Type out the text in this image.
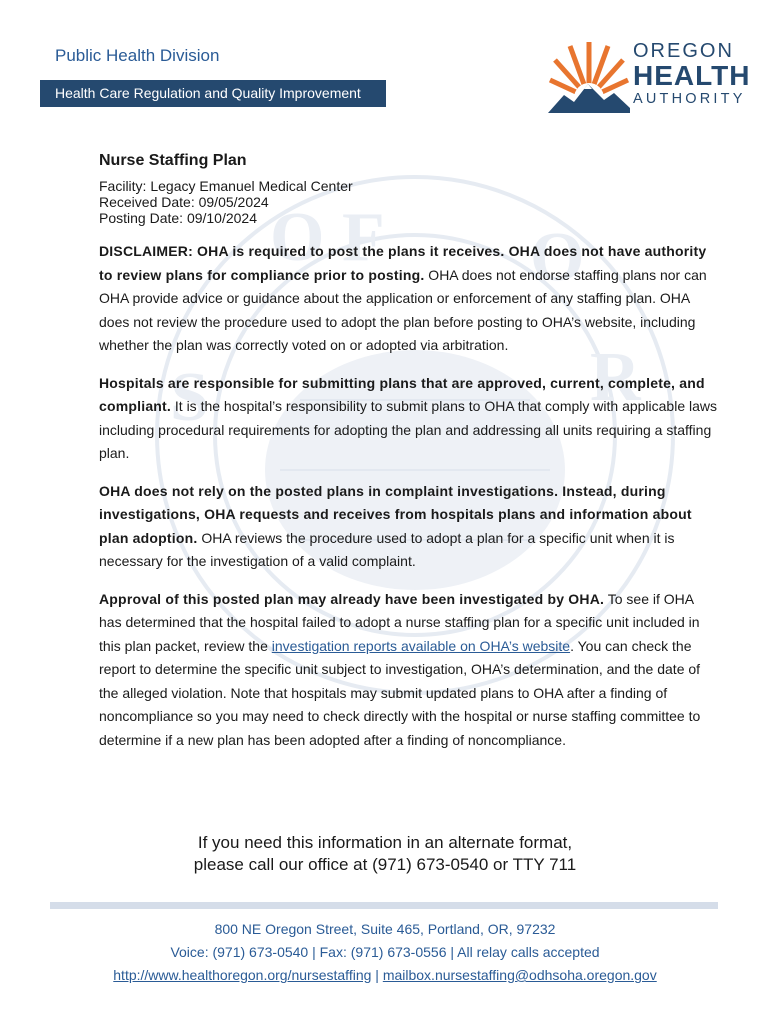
O F O
R
S
Public Health Division
Health Care Regulation and Quality Improvement
OREGON
HEALTH
AUTHORITY
Nurse Staffing Plan
Facility: Legacy Emanuel Medical Center
Received Date: 09/05/2024
Posting Date: 09/10/2024

DISCLAIMER: OHA is required to post the plans it receives. OHA does not have authority to review plans for compliance prior to posting. OHA does not endorse staffing plans nor can OHA provide advice or guidance about the application or enforcement of any staffing plan. OHA does not review the procedure used to adopt the plan before posting to OHA’s website, including whether the plan was correctly voted on or adopted via arbitration.

Hospitals are responsible for submitting plans that are approved, current, complete, and compliant. It is the hospital’s responsibility to submit plans to OHA that comply with applicable laws including procedural requirements for adopting the plan and addressing all units requiring a staffing plan.

OHA does not rely on the posted plans in complaint investigations. Instead, during investigations, OHA requests and receives from hospitals plans and information about plan adoption. OHA reviews the procedure used to adopt a plan for a specific unit when it is necessary for the investigation of a valid complaint.

Approval of this posted plan may already have been investigated by OHA. To see if OHA has determined that the hospital failed to adopt a nurse staffing plan for a specific unit included in this plan packet, review the investigation reports available on OHA’s website. You can check the report to determine the specific unit subject to investigation, OHA’s determination, and the date of the alleged violation. Note that hospitals may submit updated plans to OHA after a finding of noncompliance so you may need to check directly with the hospital or nurse staffing committee to determine if a new plan has been adopted after a finding of noncompliance.

If you need this information in an alternate format,
please call our office at (971) 673-0540 or TTY 711
800 NE Oregon Street, Suite 465, Portland, OR, 97232
Voice: (971) 673-0540 | Fax: (971) 673-0556 | All relay calls accepted
http://www.healthoregon.org/nursestaffing | mailbox.nursestaffing@odhsoha.oregon.gov
